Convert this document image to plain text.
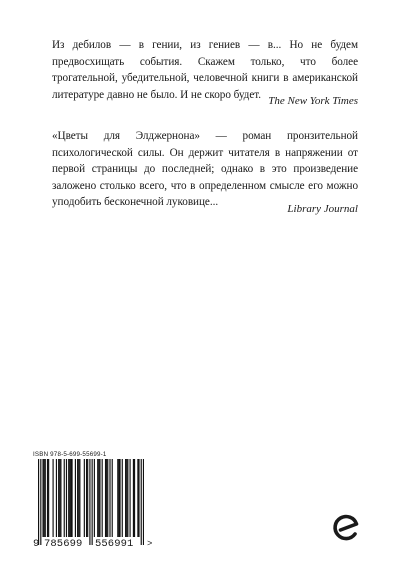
Из дебилов — в гении, из гениев — в... Но не будем предвосхищать события. Скажем только, что более трогательной, убедительной, человечной книги в американской литературе давно не было. И не скоро будет.
The New York Times
«Цветы для Элджернона» — роман пронзительной психологической силы. Он держит читателя в напряжении от первой страницы до последней; однако в это произведение заложено столько всего, что в определенном смысле его можно уподобить бесконечной луковице...
Library Journal
ISBN 978-5-699-55699-1
9 785699 556991 >
